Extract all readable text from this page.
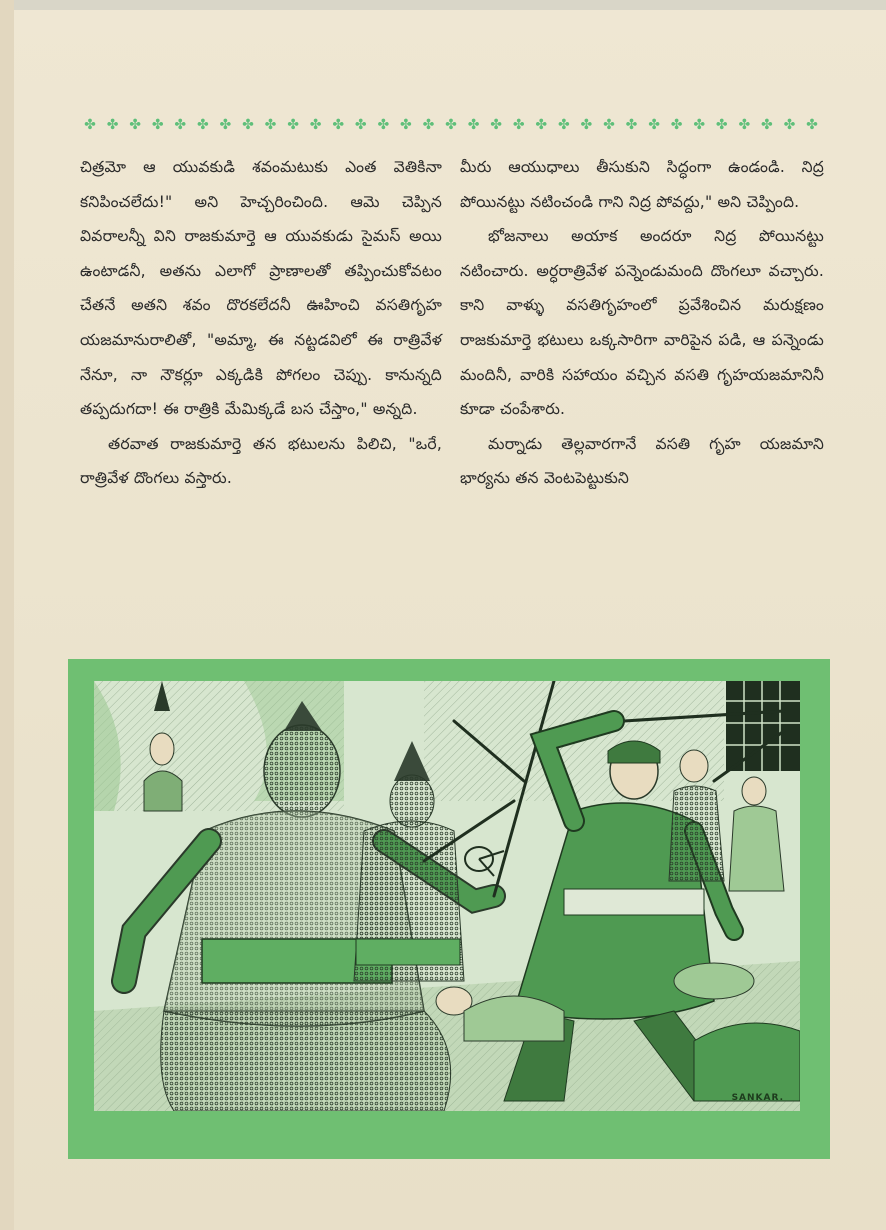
✤ ✤ ✤ ✤ ✤ ✤ ✤ ✤ ✤ ✤ ✤ ✤ ✤ ✤ ✤ ✤ ✤ ✤ ✤ ✤ ✤ ✤ ✤ ✤ ✤ ✤ ✤ ✤ ✤ ✤ ✤ ✤ ✤

చిత్రమో ఆ యువకుడి శవంమటుకు ఎంత వెతికినా కనిపించలేదు!" అని హెచ్చరించింది. ఆమె చెప్పిన వివరాలన్నీ విని రాజకుమార్తె ఆ యువకుడు సైమస్ అయి ఉంటాడనీ, అతను ఎలాగో ప్రాణాలతో తప్పించుకోవటం చేతనే అతని శవం దొరకలేదనీ ఊహించి వసతిగృహ యజమానురాలితో, "అమ్మా, ఈ నట్టడవిలో ఈ రాత్రివేళ నేనూ, నా నౌకర్లూ ఎక్కడికి పోగలం చెప్పు. కానున్నది తప్పదుగదా! ఈ రాత్రికి మేమిక్కడే బస చేస్తాం," అన్నది.

తరవాత రాజకుమార్తె తన భటులను పిలిచి, "ఒరే, రాత్రివేళ దొంగలు వస్తారు.

మీరు ఆయుధాలు తీసుకుని సిద్ధంగా ఉండండి. నిద్ర పోయినట్టు నటించండి గాని నిద్ర పోవద్దు," అని చెప్పింది.

భోజనాలు అయాక అందరూ నిద్ర పోయినట్టు నటించారు. అర్ధరాత్రివేళ పన్నెండుమంది దొంగలూ వచ్చారు. కాని వాళ్ళు వసతిగృహంలో ప్రవేశించిన మరుక్షణం రాజకుమార్తె భటులు ఒక్కసారిగా వారిపైన పడి, ఆ పన్నెండు మందినీ, వారికి సహాయం వచ్చిన వసతి గృహయజమానినీ కూడా చంపేశారు.

మర్నాడు తెల్లవారగానే వసతి గృహ యజమాని భార్యను తన వెంటపెట్టుకుని

SANKAR.
